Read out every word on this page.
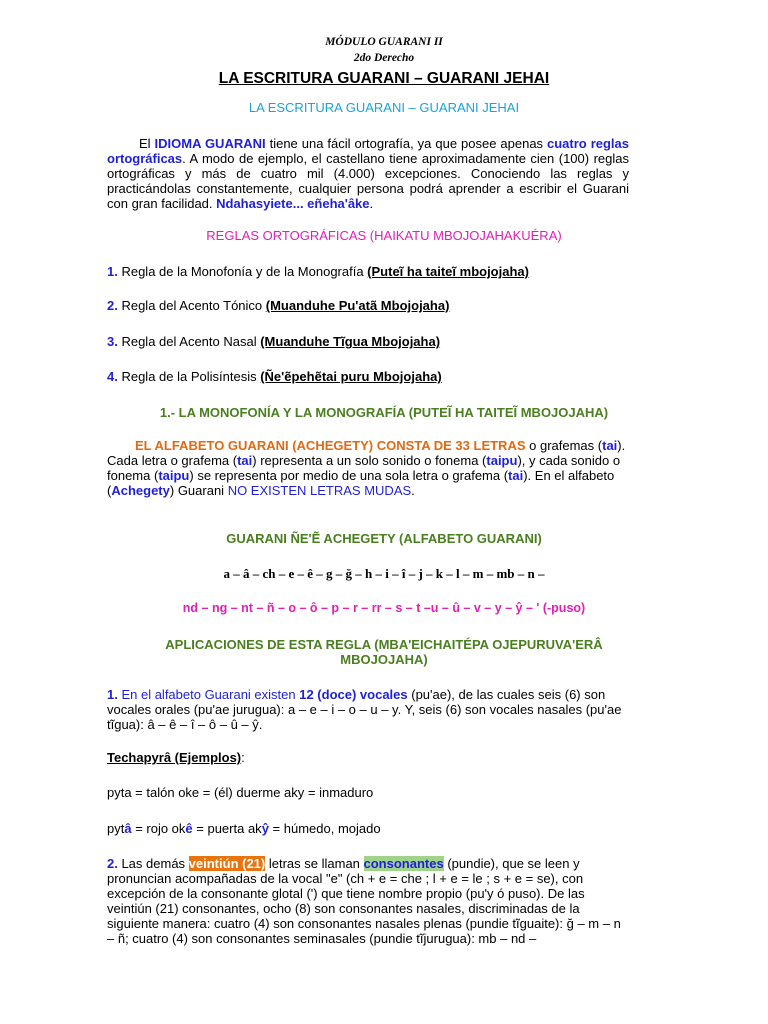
MÓDULO GUARANI II
2do Derecho
LA ESCRITURA GUARANI – GUARANI JEHAI
LA ESCRITURA GUARANI – GUARANI JEHAI
El IDIOMA GUARANI tiene una fácil ortografía, ya que posee apenas cuatro reglas ortográficas. A modo de ejemplo, el castellano tiene aproximadamente cien (100) reglas ortográficas y más de cuatro mil (4.000) excepciones. Conociendo las reglas y practicándolas constantemente, cualquier persona podrá aprender a escribir el Guarani con gran facilidad. Ndahasyiete... eñeha'âke.
REGLAS ORTOGRÁFICAS (HAIKATU MBOJOJAHAKUÉRA)
1. Regla de la Monofonía y de la Monografía (Puteĩ ha taiteĩ mbojojaha)
2. Regla del Acento Tónico (Muanduhe Pu'atã Mbojojaha)
3. Regla del Acento Nasal (Muanduhe Tĩgua Mbojojaha)
4. Regla de la Polisíntesis (Ñe'ẽpehẽtai puru Mbojojaha)
1.- LA MONOFONÍA Y LA MONOGRAFÍA (PUTEĨ HA TAITEĨ MBOJOJAHA)
EL ALFABETO GUARANI (ACHEGETY) CONSTA DE 33 LETRAS o grafemas (tai). Cada letra o grafema (tai) representa a un solo sonido o fonema (taipu), y cada sonido o fonema (taipu) se representa por medio de una sola letra o grafema (tai). En el alfabeto (Achegety) Guarani NO EXISTEN LETRAS MUDAS.
GUARANI ÑE'Ẽ ACHEGETY (ALFABETO GUARANI)
a – â – ch – e – ê – g – ğ – h – i – î – j – k – l – m – mb – n –
nd – ng – nt – ñ – o – ô – p – r – rr – s – t –u – û – v – y – ŷ – ' (-puso)
APLICACIONES DE ESTA REGLA (MBA'EICHAITÉPA OJEPURUVA'ERÂ
MBOJOJAHA)
1. En el alfabeto Guarani existen 12 (doce) vocales (pu'ae), de las cuales seis (6) son vocales orales (pu'ae jurugua): a – e – i – o – u – y. Y, seis (6) son vocales nasales (pu'ae tĩgua): â – ê – î – ô – û – ŷ.
Techapyrâ (Ejemplos):
pyta = talón oke = (él) duerme aky = inmaduro
pytâ = rojo okê = puerta akŷ = húmedo, mojado
2. Las demás veintiún (21) letras se llaman consonantes (pundie), que se leen y pronuncian acompañadas de la vocal "e" (ch + e = che ; l + e = le ; s + e = se), con excepción de la consonante glotal (') que tiene nombre propio (pu'y ó puso). De las veintiún (21) consonantes, ocho (8) son consonantes nasales, discriminadas de la siguiente manera: cuatro (4) son consonantes nasales plenas (pundie tĩguaite): ğ – m – n – ñ; cuatro (4) son consonantes seminasales (pundie tĩjurugua): mb – nd –
